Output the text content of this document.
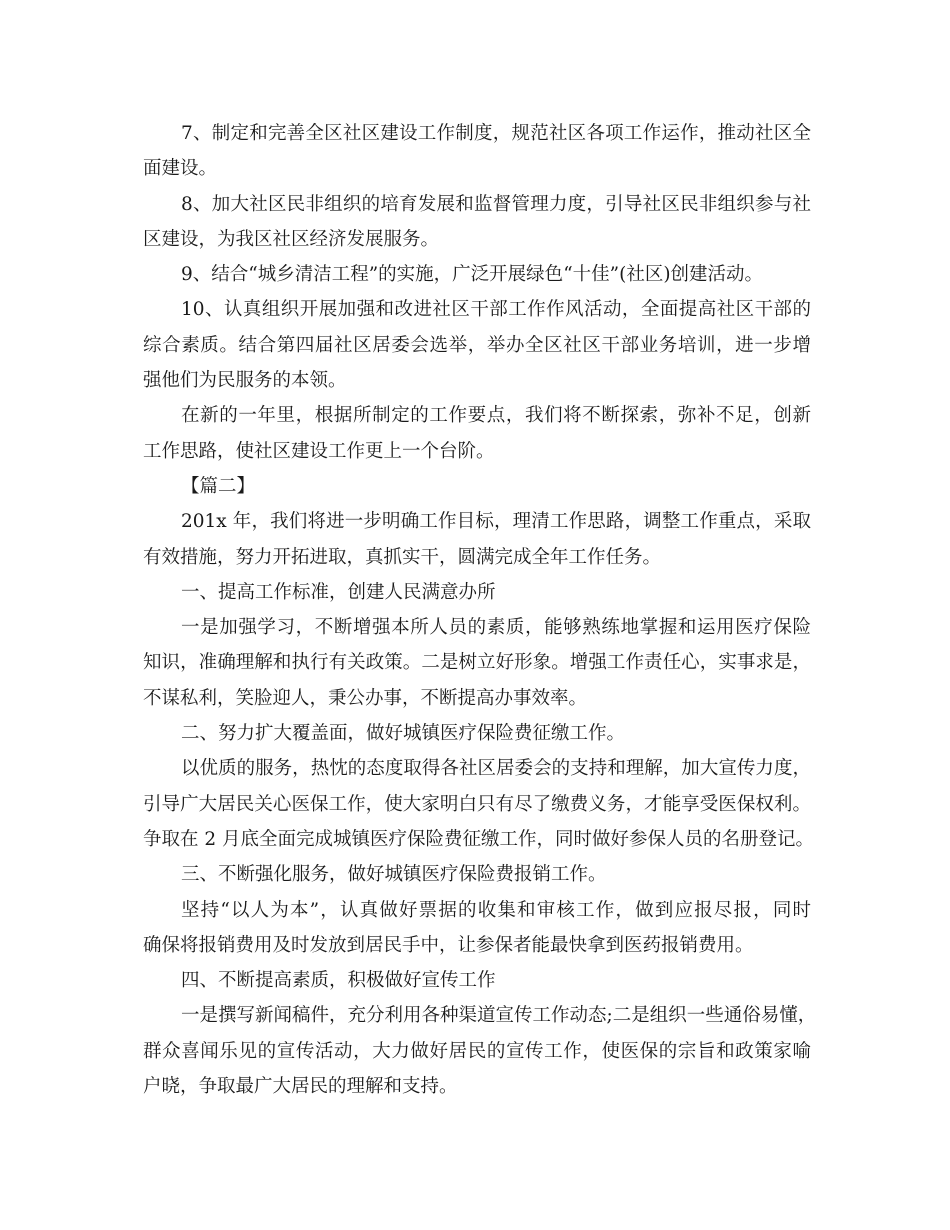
7、制定和完善全区社区建设工作制度，规范社区各项工作运作，推动社区全
面建设。
8、加大社区民非组织的培育发展和监督管理力度，引导社区民非组织参与社
区建设，为我区社区经济发展服务。
9、结合“城乡清洁工程”的实施，广泛开展绿色“十佳”(社区)创建活动。
10、认真组织开展加强和改进社区干部工作作风活动，全面提高社区干部的
综合素质。结合第四届社区居委会选举，举办全区社区干部业务培训，进一步增
强他们为民服务的本领。
在新的一年里，根据所制定的工作要点，我们将不断探索，弥补不足，创新
工作思路，使社区建设工作更上一个台阶。
【篇二】
201x 年，我们将进一步明确工作目标，理清工作思路，调整工作重点，采取
有效措施，努力开拓进取，真抓实干，圆满完成全年工作任务。
一、提高工作标准，创建人民满意办所
一是加强学习，不断增强本所人员的素质，能够熟练地掌握和运用医疗保险
知识，准确理解和执行有关政策。二是树立好形象。增强工作责任心，实事求是，
不谋私利，笑脸迎人，秉公办事，不断提高办事效率。
二、努力扩大覆盖面，做好城镇医疗保险费征缴工作。
以优质的服务，热忱的态度取得各社区居委会的支持和理解，加大宣传力度，
引导广大居民关心医保工作，使大家明白只有尽了缴费义务，才能享受医保权利。
争取在 2 月底全面完成城镇医疗保险费征缴工作，同时做好参保人员的名册登记。
三、不断强化服务，做好城镇医疗保险费报销工作。
坚持“以人为本”，认真做好票据的收集和审核工作，做到应报尽报，同时
确保将报销费用及时发放到居民手中，让参保者能最快拿到医药报销费用。
四、不断提高素质，积极做好宣传工作
一是撰写新闻稿件，充分利用各种渠道宣传工作动态;二是组织一些通俗易懂，
群众喜闻乐见的宣传活动，大力做好居民的宣传工作，使医保的宗旨和政策家喻
户晓，争取最广大居民的理解和支持。
